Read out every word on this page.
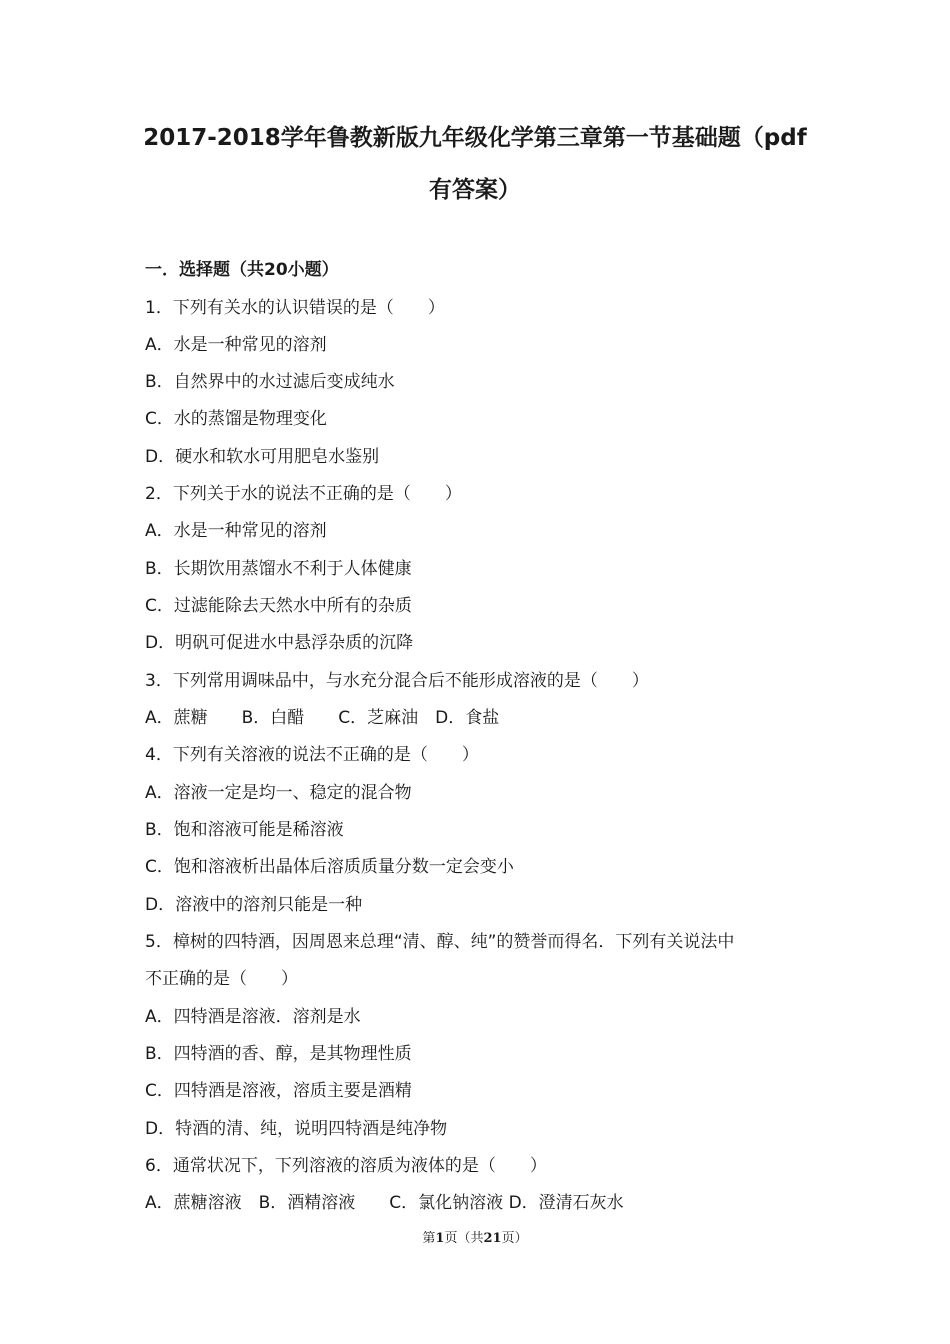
2017-2018学年鲁教新版九年级化学第三章第一节基础题（pdf
有答案）
一．选择题（共20小题）
1．下列有关水的认识错误的是（　　）
A．水是一种常见的溶剂
B．自然界中的水过滤后变成纯水
C．水的蒸馏是物理变化
D．硬水和软水可用肥皂水鉴别
2．下列关于水的说法不正确的是（　　）
A．水是一种常见的溶剂
B．长期饮用蒸馏水不利于人体健康
C．过滤能除去天然水中所有的杂质
D．明矾可促进水中悬浮杂质的沉降
3．下列常用调味品中，与水充分混合后不能形成溶液的是（　　）
A．蔗糖　　B．白醋　　C．芝麻油　D．食盐
4．下列有关溶液的说法不正确的是（　　）
A．溶液一定是均一、稳定的混合物
B．饱和溶液可能是稀溶液
C．饱和溶液析出晶体后溶质质量分数一定会变小
D．溶液中的溶剂只能是一种
5．樟树的四特酒，因周恩来总理“清、醇、纯”的赞誉而得名．下列有关说法中
不正确的是（　　）
A．四特酒是溶液．溶剂是水
B．四特酒的香、醇，是其物理性质
C．四特酒是溶液，溶质主要是酒精
D．特酒的清、纯，说明四特酒是纯净物
6．通常状况下，下列溶液的溶质为液体的是（　　）
A．蔗糖溶液　B．酒精溶液　　C．氯化钠溶液 D．澄清石灰水
第1页（共21页）
